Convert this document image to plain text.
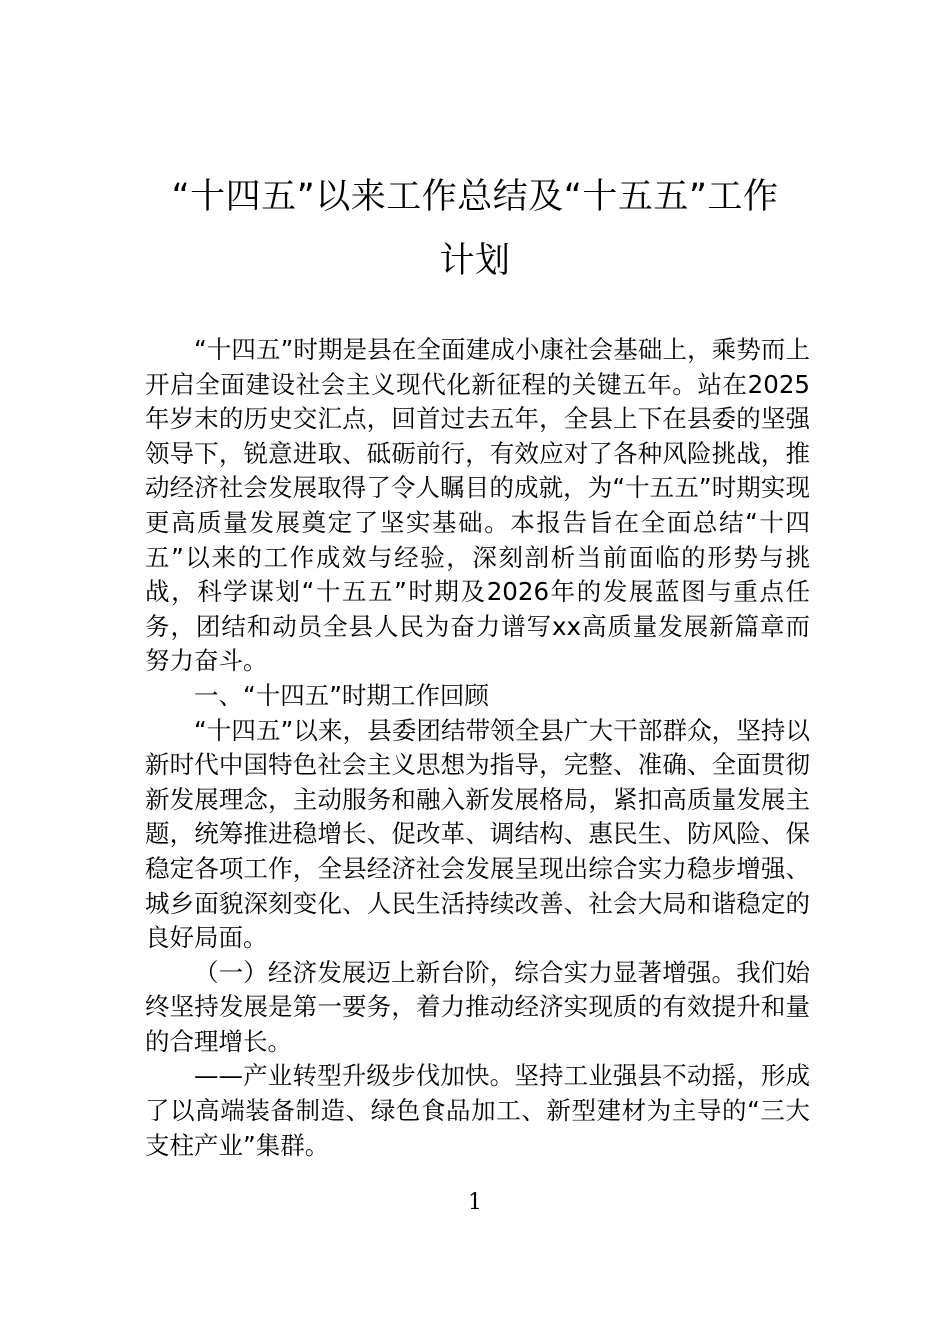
“十四五”以来工作总结及“十五五”工作
计划

“十四五”时期是县在全面建成小康社会基础上，乘势而上开启全面建设社会主义现代化新征程的关键五年。站在2025年岁末的历史交汇点，回首过去五年，全县上下在县委的坚强领导下，锐意进取、砥砺前行，有效应对了各种风险挑战，推动经济社会发展取得了令人瞩目的成就，为“十五五”时期实现更高质量发展奠定了坚实基础。本报告旨在全面总结“十四五”以来的工作成效与经验，深刻剖析当前面临的形势与挑战，科学谋划“十五五”时期及2026年的发展蓝图与重点任务，团结和动员全县人民为奋力谱写xx高质量发展新篇章而努力奋斗。

一、“十四五”时期工作回顾

“十四五”以来，县委团结带领全县广大干部群众，坚持以新时代中国特色社会主义思想为指导，完整、准确、全面贯彻新发展理念，主动服务和融入新发展格局，紧扣高质量发展主题，统筹推进稳增长、促改革、调结构、惠民生、防风险、保稳定各项工作，全县经济社会发展呈现出综合实力稳步增强、城乡面貌深刻变化、人民生活持续改善、社会大局和谐稳定的良好局面。

（一）经济发展迈上新台阶，综合实力显著增强。我们始终坚持发展是第一要务，着力推动经济实现质的有效提升和量的合理增长。

——产业转型升级步伐加快。坚持工业强县不动摇，形成了以高端装备制造、绿色食品加工、新型建材为主导的“三大支柱产业”集群。

1
